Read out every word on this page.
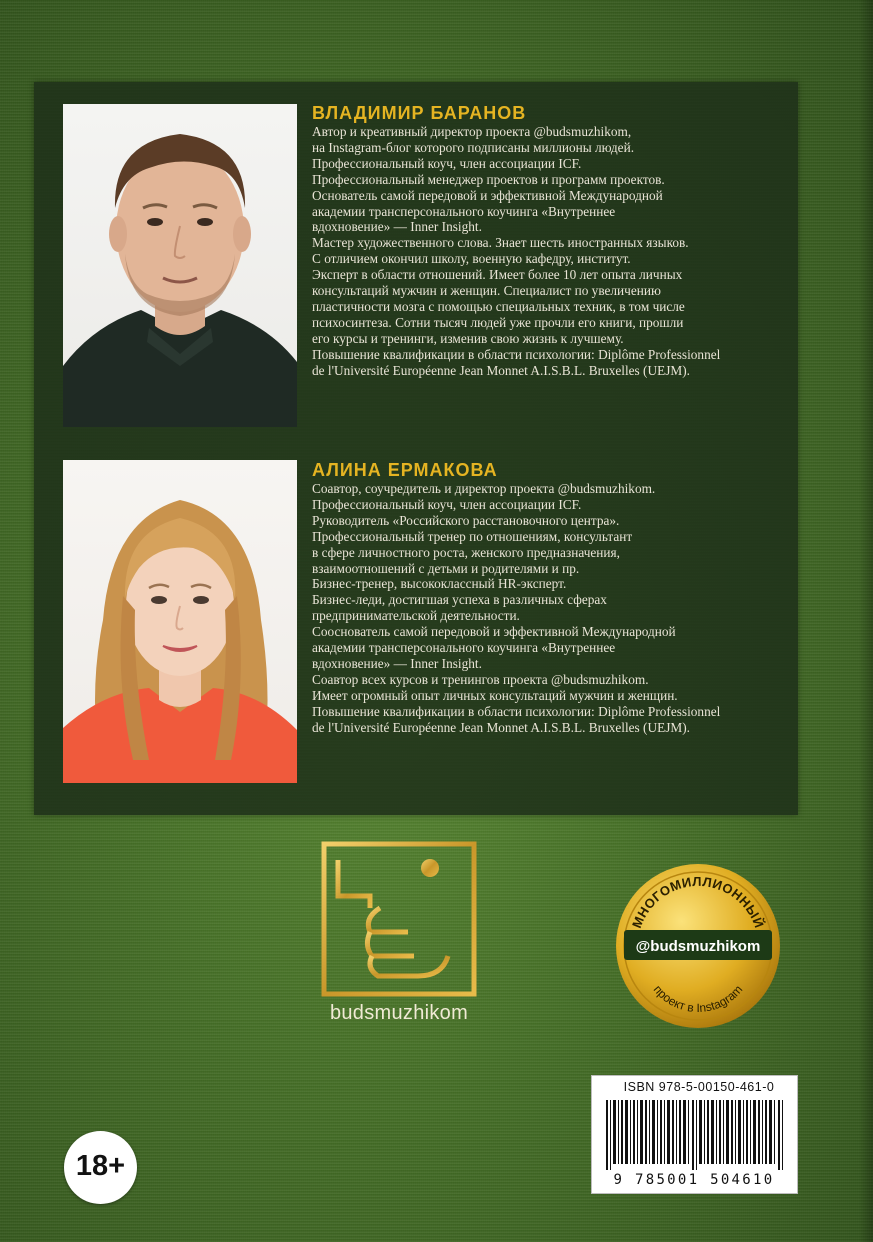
ВЛАДИМИР БАРАНОВ
Автор и креативный директор проекта @budsmuzhikom,
на Instagram-блог которого подписаны миллионы людей.
Профессиональный коуч, член ассоциации ICF.
Профессиональный менеджер проектов и программ проектов.
Основатель самой передовой и эффективной Международной
академии трансперсонального коучинга «Внутреннее
вдохновение» — Inner Insight.
Мастер художественного слова. Знает шесть иностранных языков.
С отличием окончил школу, военную кафедру, институт.
Эксперт в области отношений. Имеет более 10 лет опыта личных
консультаций мужчин и женщин. Специалист по увеличению
пластичности мозга с помощью специальных техник, в том числе
психосинтеза. Сотни тысяч людей уже прочли его книги, прошли
его курсы и тренинги, изменив свою жизнь к лучшему.
Повышение квалификации в области психологии: Diplôme Professionnel
de l'Université Européenne Jean Monnet A.I.S.B.L. Bruxelles (UEJM).
АЛИНА ЕРМАКОВА
Соавтор, соучредитель и директор проекта @budsmuzhikom.
Профессиональный коуч, член ассоциации ICF.
Руководитель «Российского расстановочного центра».
Профессиональный тренер по отношениям, консультант
в сфере личностного роста, женского предназначения,
взаимоотношений с детьми и родителями и пр.
Бизнес-тренер, высококлассный HR-эксперт.
Бизнес-леди, достигшая успеха в различных сферах
предпринимательской деятельности.
Сооснователь самой передовой и эффективной Международной
академии трансперсонального коучинга «Внутреннее
вдохновение» — Inner Insight.
Соавтор всех курсов и тренингов проекта @budsmuzhikom.
Имеет огромный опыт личных консультаций мужчин и женщин.
Повышение квалификации в области психологии: Diplôme Professionnel
de l'Université Européenne Jean Monnet A.I.S.B.L. Bruxelles (UEJM).
budsmuzhikom
МНОГОМИЛЛИОННЫЙ
@budsmuzhikom
проект в Instagram
ISBN 978-5-00150-461-0
9 785001 504610
18+
